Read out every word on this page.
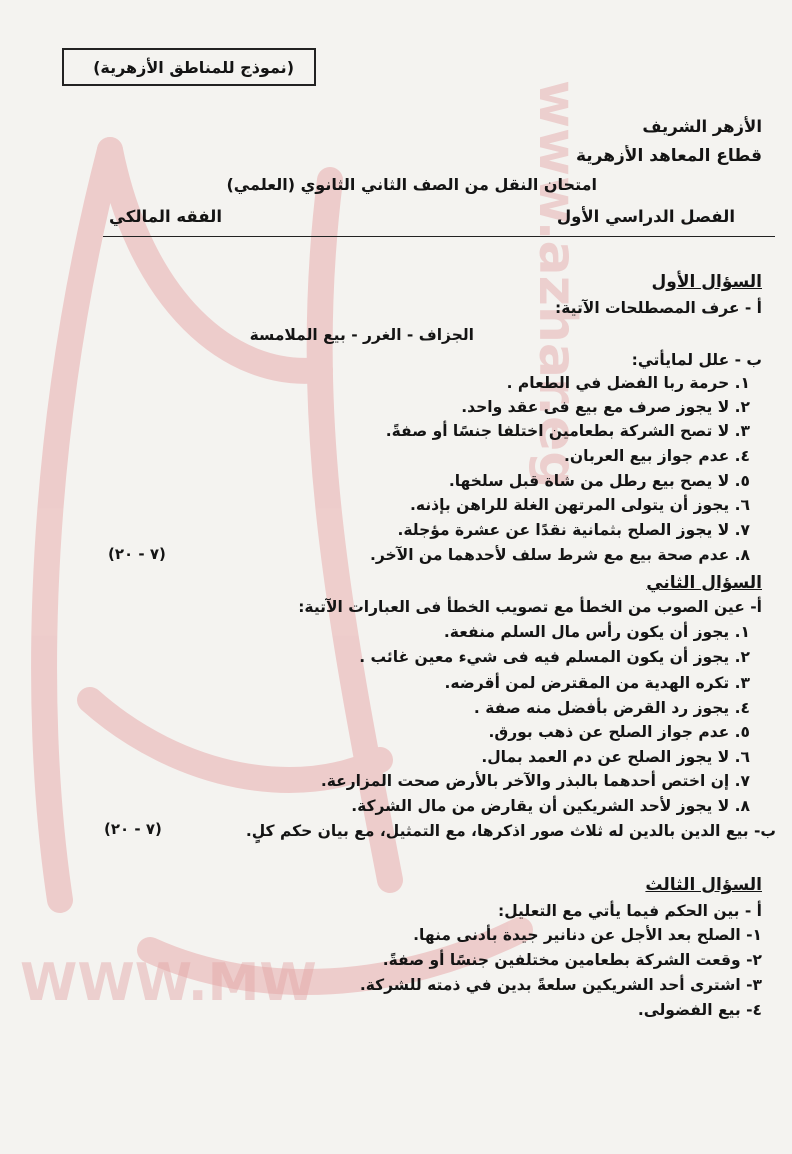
www.azhar.eg
WWW.MW
(نموذج للمناطق الأزهرية)
الأزهر الشريف
قطاع المعاهد الأزهرية
امتحان النقل من الصف الثاني الثانوي (العلمي)
الفصل الدراسي الأول
الفقه المالكي
السؤال الأول
أ - عرف المصطلحات الآتية:
الجزاف - الغرر - بيع الملامسة
ب - علل لمايأتي:
١. حرمة ربا الفضل في الطعام .
٢. لا يجوز صرف مع بيع فى عقد واحد.
٣. لا تصح الشركة بطعامين اختلفا جنسًا أو صفةً.
٤. عدم جواز بيع العربان.
٥. لا يصح بيع رطل من شاة قبل سلخها.
٦. يجوز أن يتولى المرتهن الغلة للراهن بإذنه.
٧. لا يجوز الصلح بثمانية نقدًا عن عشرة مؤجلة.
٨. عدم صحة بيع مع شرط سلف لأحدهما من الآخر.
(٧ - ٢٠)
السؤال الثاني
أ- عين الصوب من الخطأ مع تصويب الخطأ فى العبارات الآتية:
١. يجوز أن يكون رأس مال السلم منفعة.
٢. يجوز أن يكون المسلم فيه فى شيء معين غائب .
٣. تكره الهدية من المقترض لمن أقرضه.
٤. يجوز رد القرض بأفضل منه صفة .
٥. عدم جواز الصلح عن ذهب بورق.
٦. لا يجوز الصلح عن دم العمد بمال.
٧. إن اختص أحدهما بالبذر والآخر بالأرض صحت المزارعة.
٨. لا يجوز لأحد الشريكين أن يقارض من مال الشركة.
ب- بيع الدين بالدين له ثلاث صور اذكرها، مع التمثيل، مع بيان حكم كلٍ.
(٧ - ٢٠)
السؤال الثالث
أ - بين الحكم فيما يأتي مع التعليل:
١- الصلح بعد الأجل عن دنانير جيدة بأدنى منها.
٢- وقعت الشركة بطعامين مختلفين جنسًا أو صفةً.
٣- اشترى أحد الشريكين سلعةً بدين في ذمته للشركة.
٤- بيع الفضولى.
